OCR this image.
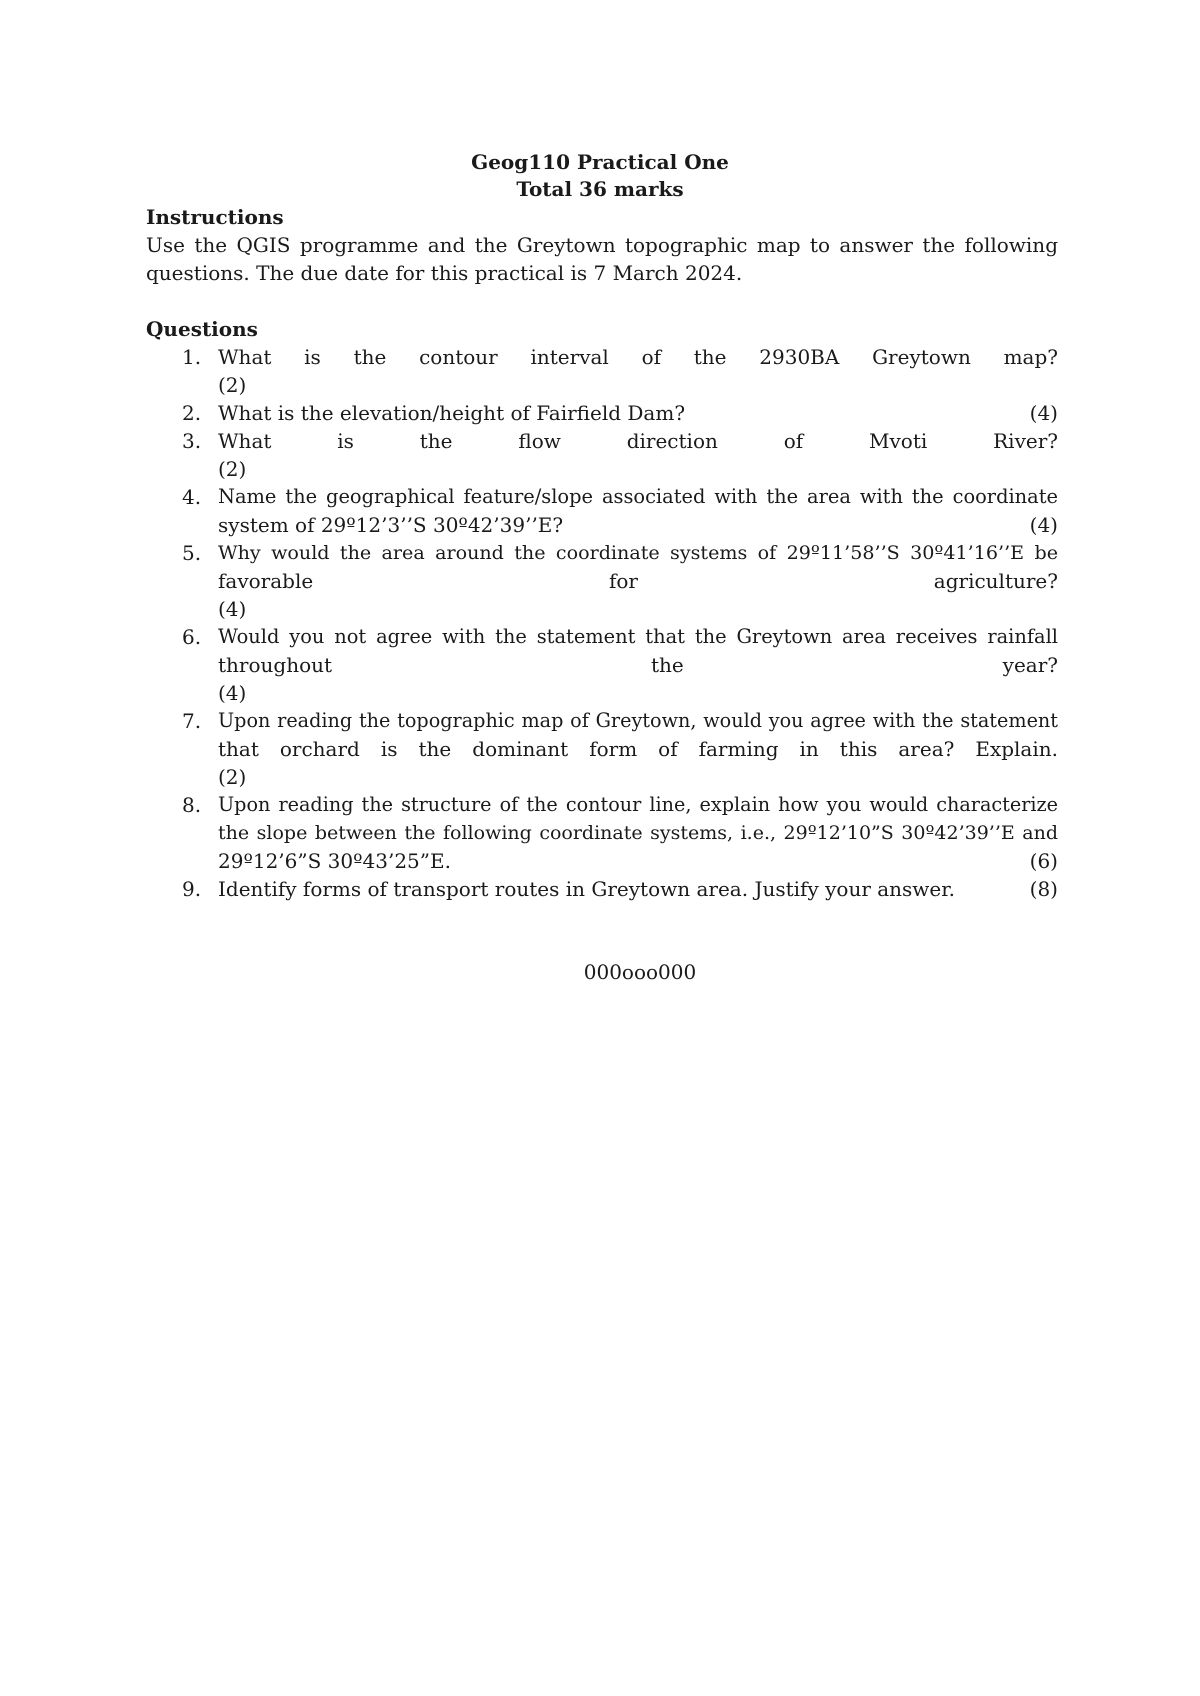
Geog110 Practical One
Total 36 marks
Instructions
Use the QGIS programme and the Greytown topographic map to answer the following questions. The due date for this practical is 7 March 2024.
Questions
1. What is the contour interval of the 2930BA Greytown map?
(2)
2. What is the elevation/height of Fairfield Dam?	(4)
3. What is the flow direction of Mvoti River?
(2)
4. Name the geographical feature/slope associated with the area with the coordinate
system of 29º12’3’’S 30º42’39’’E?	(4)
5. Why would the area around the coordinate systems of 29º11’58’’S 30º41’16’’E be
favorable for agriculture?
(4)
6. Would you not agree with the statement that the Greytown area receives rainfall
throughout the year?
(4)
7. Upon reading the topographic map of Greytown, would you agree with the statement
that orchard is the dominant form of farming in this area? Explain.
(2)
8. Upon reading the structure of the contour line, explain how you would characterize
the slope between the following coordinate systems, i.e., 29º12’10”S 30º42’39’’E and
29º12’6”S 30º43’25”E.	(6)
9. Identify forms of transport routes in Greytown area. Justify your answer.	(8)
000ooo000
